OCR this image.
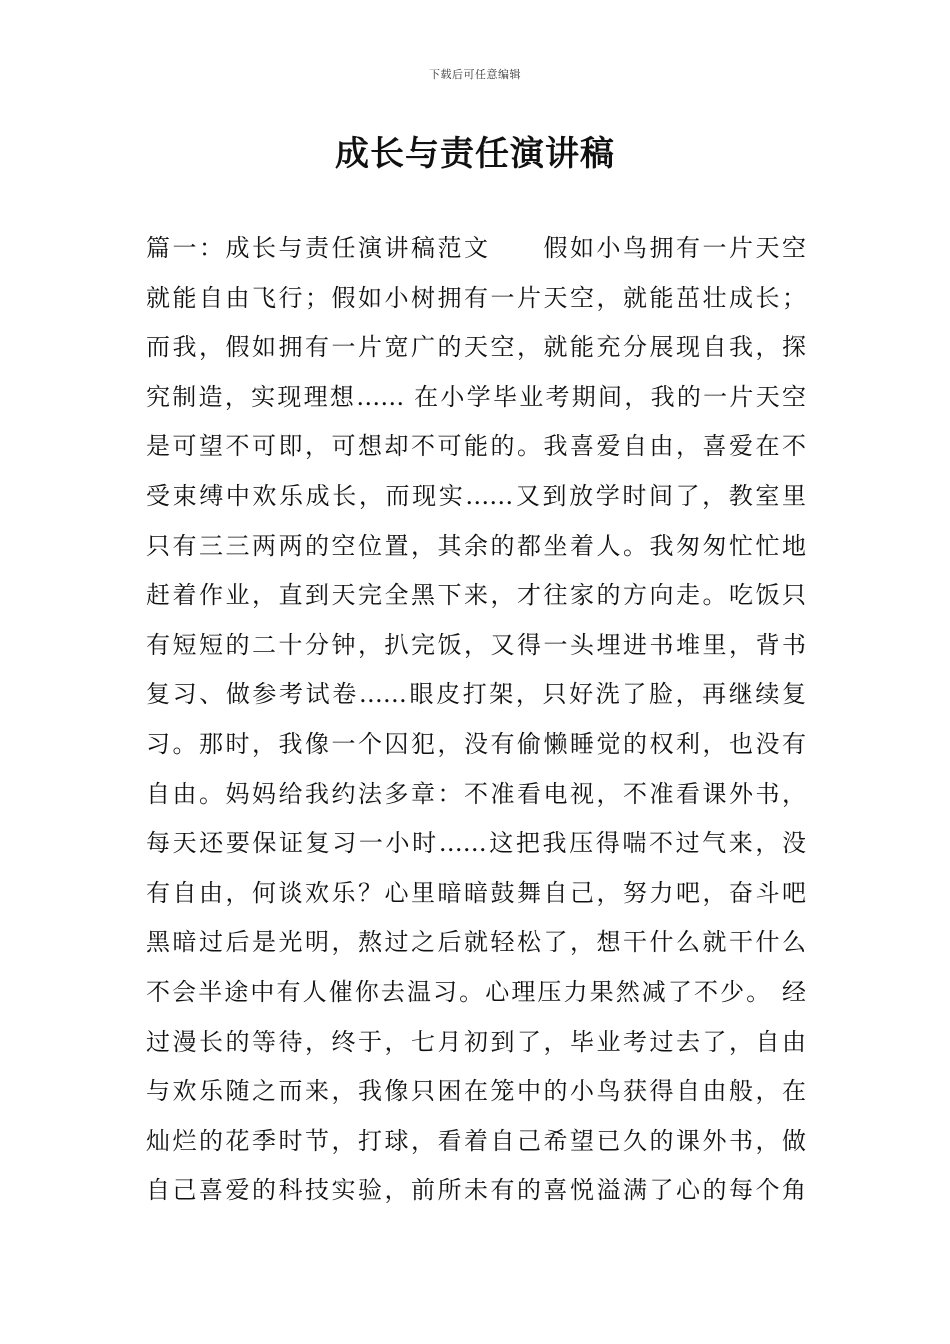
下载后可任意编辑
成长与责任演讲稿
篇一：成长与责任演讲稿范文　　假如小鸟拥有一片天空
就能自由飞行；假如小树拥有一片天空，就能茁壮成长；
而我，假如拥有一片宽广的天空，就能充分展现自我，探
究制造，实现理想…… 在小学毕业考期间，我的一片天空
是可望不可即，可想却不可能的。我喜爱自由，喜爱在不
受束缚中欢乐成长，而现实……又到放学时间了，教室里
只有三三两两的空位置，其余的都坐着人。我匆匆忙忙地
赶着作业，直到天完全黑下来，才往家的方向走。吃饭只
有短短的二十分钟，扒完饭，又得一头埋进书堆里，背书
复习、做参考试卷……眼皮打架，只好洗了脸，再继续复
习。那时，我像一个囚犯，没有偷懒睡觉的权利，也没有
自由。妈妈给我约法多章：不准看电视，不准看课外书，
每天还要保证复习一小时……这把我压得喘不过气来，没
有自由，何谈欢乐？心里暗暗鼓舞自己，努力吧，奋斗吧
黑暗过后是光明，熬过之后就轻松了，想干什么就干什么
不会半途中有人催你去温习。心理压力果然减了不少。 经
过漫长的等待，终于，七月初到了，毕业考过去了，自由
与欢乐随之而来，我像只困在笼中的小鸟获得自由般，在
灿烂的花季时节，打球，看着自己希望已久的课外书，做
自己喜爱的科技实验，前所未有的喜悦溢满了心的每个角
